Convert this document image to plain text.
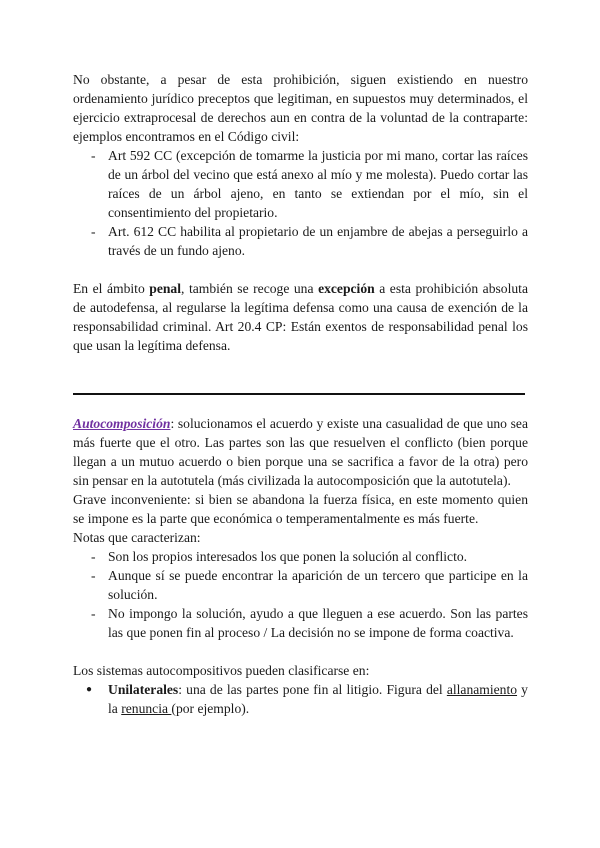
No obstante, a pesar de esta prohibición, siguen existiendo en nuestro ordenamiento jurídico preceptos que legitiman, en supuestos muy determinados, el ejercicio extraprocesal de derechos aun en contra de la voluntad de la contraparte: ejemplos encontramos en el Código civil:

- Art 592 CC (excepción de tomarme la justicia por mi mano, cortar las raíces de un árbol del vecino que está anexo al mío y me molesta). Puedo cortar las raíces de un árbol ajeno, en tanto se extiendan por el mío, sin el consentimiento del propietario.
- Art. 612 CC habilita al propietario de un enjambre de abejas a perseguirlo a través de un fundo ajeno.

En el ámbito penal, también se recoge una excepción a esta prohibición absoluta de autodefensa, al regularse la legítima defensa como una causa de exención de la responsabilidad criminal. Art 20.4 CP: Están exentos de responsabilidad penal los que usan la legítima defensa.

Autocomposición: solucionamos el acuerdo y existe una casualidad de que uno sea más fuerte que el otro. Las partes son las que resuelven el conflicto (bien porque llegan a un mutuo acuerdo o bien porque una se sacrifica a favor de la otra) pero sin pensar en la autotutela (más civilizada la autocomposición que la autotutela).

Grave inconveniente: si bien se abandona la fuerza física, en este momento quien se impone es la parte que económica o temperamentalmente es más fuerte.

Notas que caracterizan:

- Son los propios interesados los que ponen la solución al conflicto.
- Aunque sí se puede encontrar la aparición de un tercero que participe en la solución.
- No impongo la solución, ayudo a que lleguen a ese acuerdo. Son las partes las que ponen fin al proceso / La decisión no se impone de forma coactiva.

Los sistemas autocompositivos pueden clasificarse en:

● Unilaterales: una de las partes pone fin al litigio. Figura del allanamiento y la renuncia (por ejemplo).
